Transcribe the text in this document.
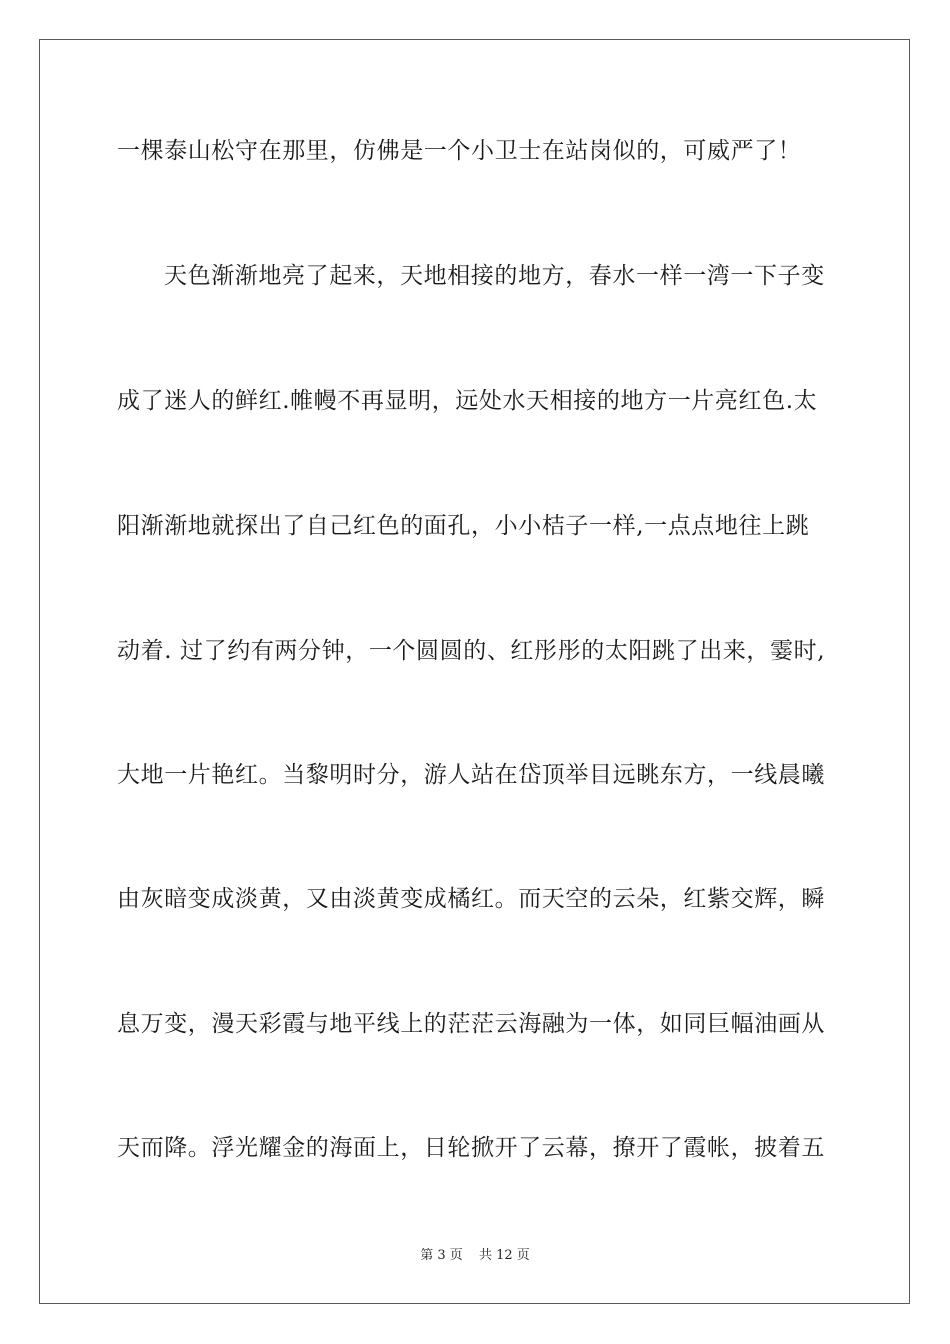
一棵泰山松守在那里，仿佛是一个小卫士在站岗似的，可威严了！
天色渐渐地亮了起来，天地相接的地方，春水一样一湾一下子变
成了迷人的鲜红.帷幔不再显明，远处水天相接的地方一片亮红色.太
阳渐渐地就探出了自己红色的面孔，小小桔子一样,一点点地往上跳
动着. 过了约有两分钟，一个圆圆的、红彤彤的太阳跳了出来，霎时,
大地一片艳红。当黎明时分，游人站在岱顶举目远眺东方，一线晨曦
由灰暗变成淡黄，又由淡黄变成橘红。而天空的云朵，红紫交辉，瞬
息万变，漫天彩霞与地平线上的茫茫云海融为一体，如同巨幅油画从
天而降。浮光耀金的海面上，日轮掀开了云幕，撩开了霞帐，披着五
第 3 页 共 12 页
